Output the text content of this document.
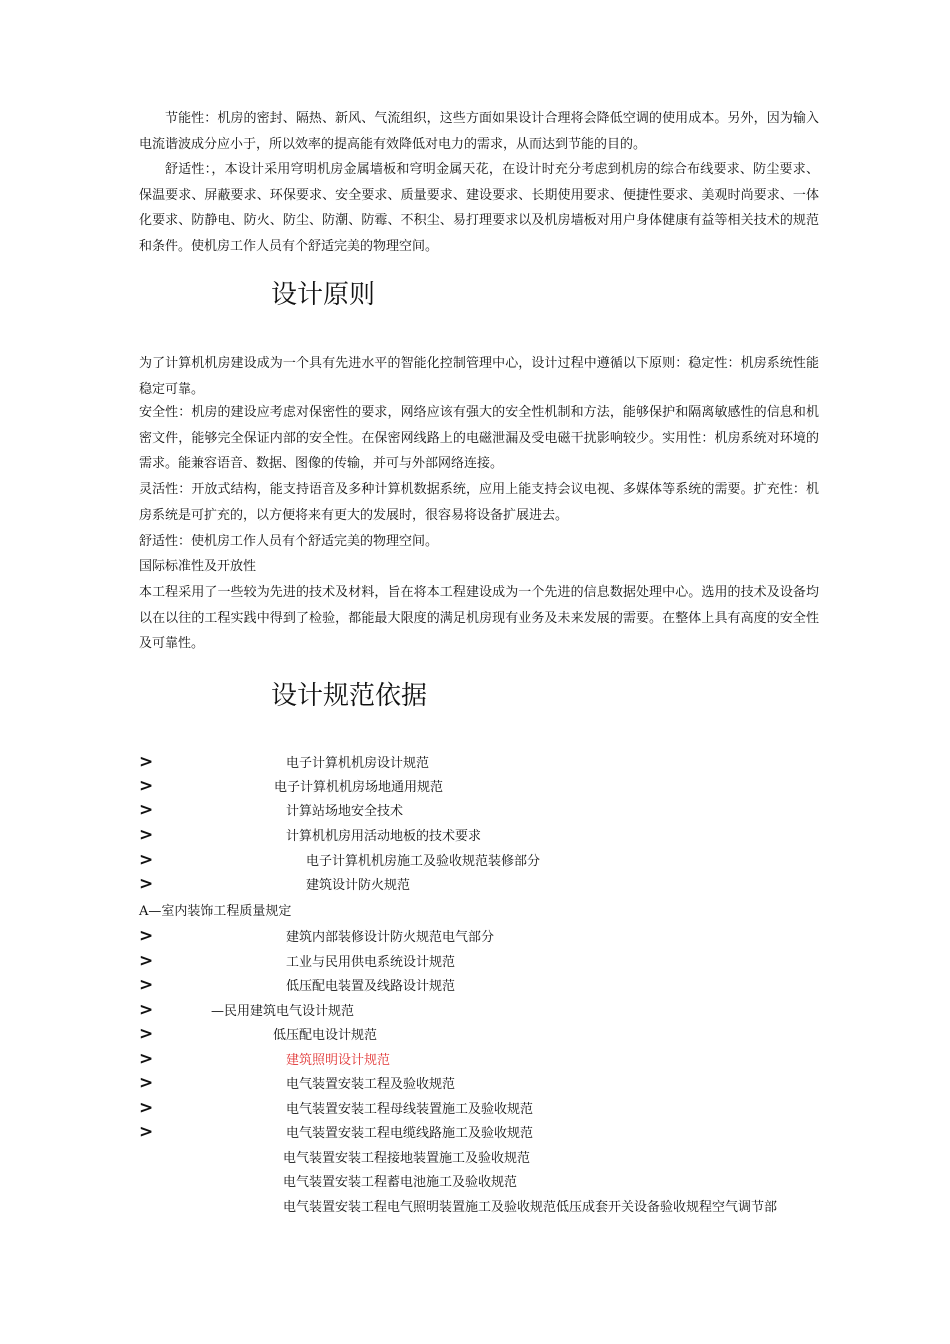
节能性：机房的密封、隔热、新风、气流组织，这些方面如果设计合理将会降低空调的使用成本。另外，因为输入电流谐波成分应小于，所以效率的提高能有效降低对电力的需求，从而达到节能的目的。

舒适性：，本设计采用穹明机房金属墙板和穹明金属天花，在设计时充分考虑到机房的综合布线要求、防尘要求、保温要求、屏蔽要求、环保要求、安全要求、质量要求、建设要求、长期使用要求、便捷性要求、美观时尚要求、一体化要求、防静电、防火、防尘、防潮、防霉、不积尘、易打理要求以及机房墙板对用户身体健康有益等相关技术的规范和条件。使机房工作人员有个舒适完美的物理空间。

设计原则

为了计算机机房建设成为一个具有先进水平的智能化控制管理中心，设计过程中遵循以下原则：稳定性：机房系统性能稳定可靠。

安全性：机房的建设应考虑对保密性的要求，网络应该有强大的安全性机制和方法，能够保护和隔离敏感性的信息和机密文件，能够完全保证内部的安全性。在保密网线路上的电磁泄漏及受电磁干扰影响较少。实用性：机房系统对环境的需求。能兼容语音、数据、图像的传输，并可与外部网络连接。

灵活性：开放式结构，能支持语音及多种计算机数据系统，应用上能支持会议电视、多媒体等系统的需要。扩充性：机房系统是可扩充的，以方便将来有更大的发展时，很容易将设备扩展进去。

舒适性：使机房工作人员有个舒适完美的物理空间。

国际标准性及开放性

本工程采用了一些较为先进的技术及材料，旨在将本工程建设成为一个先进的信息数据处理中心。选用的技术及设备均以在以往的工程实践中得到了检验，都能最大限度的满足机房现有业务及未来发展的需要。在整体上具有高度的安全性及可靠性。

设计规范依据
>	电子计算机机房设计规范
>	电子计算机机房场地通用规范
>	计算站场地安全技术
>	计算机机房用活动地板的技术要求
>	电子计算机机房施工及验收规范装修部分
>	建筑设计防火规范
A—室内装饰工程质量规定
>	建筑内部装修设计防火规范电气部分
>	工业与民用供电系统设计规范
>	低压配电装置及线路设计规范
>	—民用建筑电气设计规范
>	低压配电设计规范
>	建筑照明设计规范
>	电气装置安装工程及验收规范
>	电气装置安装工程母线装置施工及验收规范
>	电气装置安装工程电缆线路施工及验收规范
电气装置安装工程接地装置施工及验收规范
电气装置安装工程蓄电池施工及验收规范
电气装置安装工程电气照明装置施工及验收规范低压成套开关设备验收规程空气调节部
